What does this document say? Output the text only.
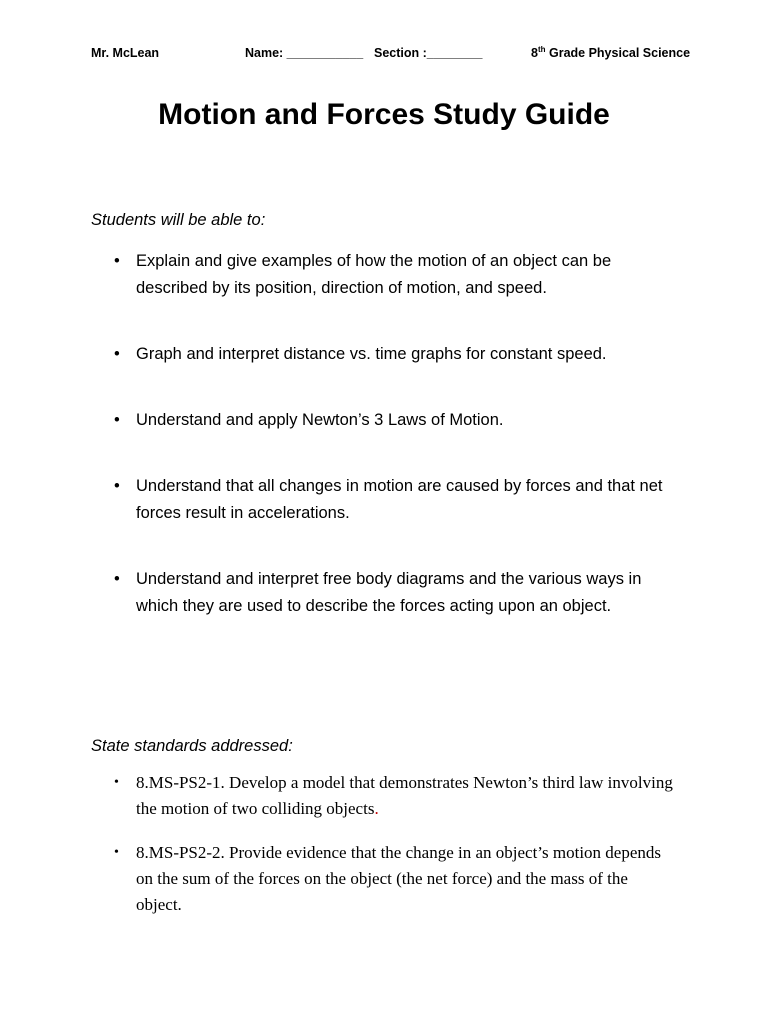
Mr. McLean	Name: ___________ Section :________	8th Grade Physical Science
Motion and Forces Study Guide
Students will be able to:
• Explain and give examples of how the motion of an object can be described by its position, direction of motion, and speed.
• Graph and interpret distance vs. time graphs for constant speed.
• Understand and apply Newton’s 3 Laws of Motion.
• Understand that all changes in motion are caused by forces and that net forces result in accelerations.
• Understand and interpret free body diagrams and the various ways in which they are used to describe the forces acting upon an object.
State standards addressed:
• 8.MS-PS2-1. Develop a model that demonstrates Newton’s third law involving the motion of two colliding objects.
• 8.MS-PS2-2. Provide evidence that the change in an object’s motion depends on the sum of the forces on the object (the net force) and the mass of the object.
